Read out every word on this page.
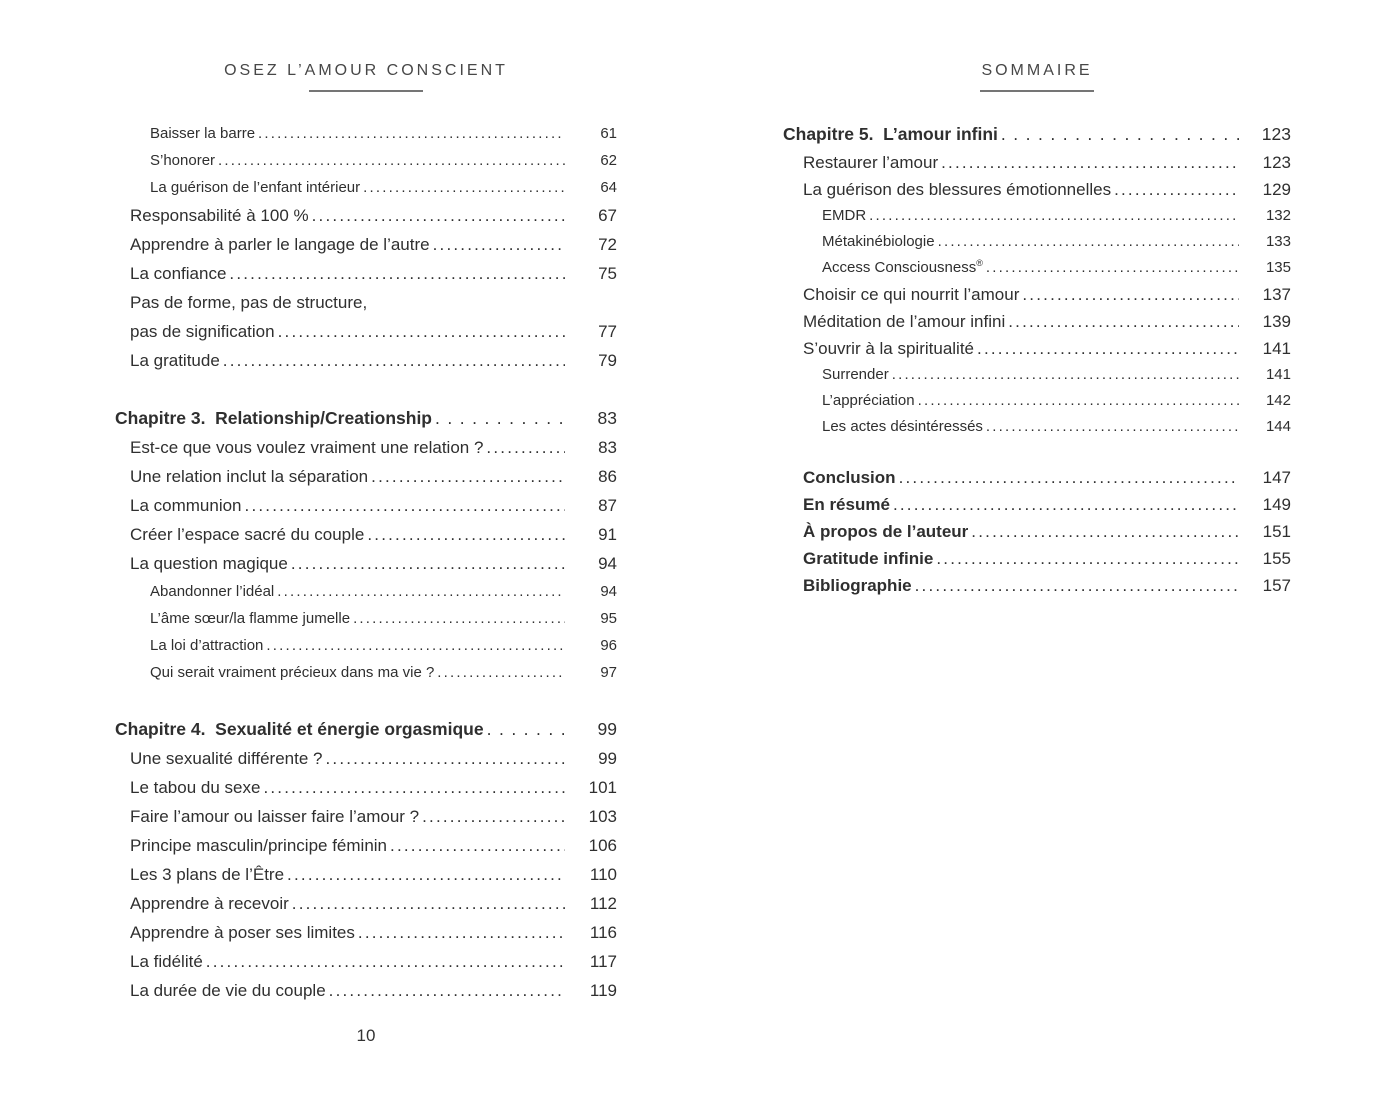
OSEZ L’AMOUR CONSCIENT
Baisser la barre .....	61
S’honorer .....	62
La guérison de l’enfant intérieur .....	64
Responsabilité à 100 % .....	67
Apprendre à parler le langage de l’autre .....	72
La confiance .....	75
Pas de forme, pas de structure,
pas de signification .....	77
La gratitude .....	79
Chapitre 3.  Relationship/Creationship .....	83
Est-ce que vous voulez vraiment une relation ? .....	83
Une relation inclut la séparation .....	86
La communion .....	87
Créer l’espace sacré du couple .....	91
La question magique .....	94
Abandonner l’idéal .....	94
L’âme sœur/la flamme jumelle .....	95
La loi d’attraction .....	96
Qui serait vraiment précieux dans ma vie ? .....	97
Chapitre 4.  Sexualité et énergie orgasmique .....	99
Une sexualité différente ? .....	99
Le tabou du sexe .....	101
Faire l’amour ou laisser faire l’amour ? .....	103
Principe masculin/principe féminin .....	106
Les 3 plans de l’Être .....	110
Apprendre à recevoir .....	112
Apprendre à poser ses limites .....	116
La fidélité .....	117
La durée de vie du couple .....	119
10
SOMMAIRE
Chapitre 5.  L’amour infini .....	123
Restaurer l’amour .....	123
La guérison des blessures émotionnelles .....	129
EMDR .....	132
Métakinébiologie .....	133
Access Consciousness® .....	135
Choisir ce qui nourrit l’amour .....	137
Méditation de l’amour infini .....	139
S’ouvrir à la spiritualité .....	141
Surrender .....	141
L’appréciation .....	142
Les actes désintéressés .....	144
Conclusion .....	147
En résumé .....	149
À propos de l’auteur .....	151
Gratitude infinie .....	155
Bibliographie .....	157
